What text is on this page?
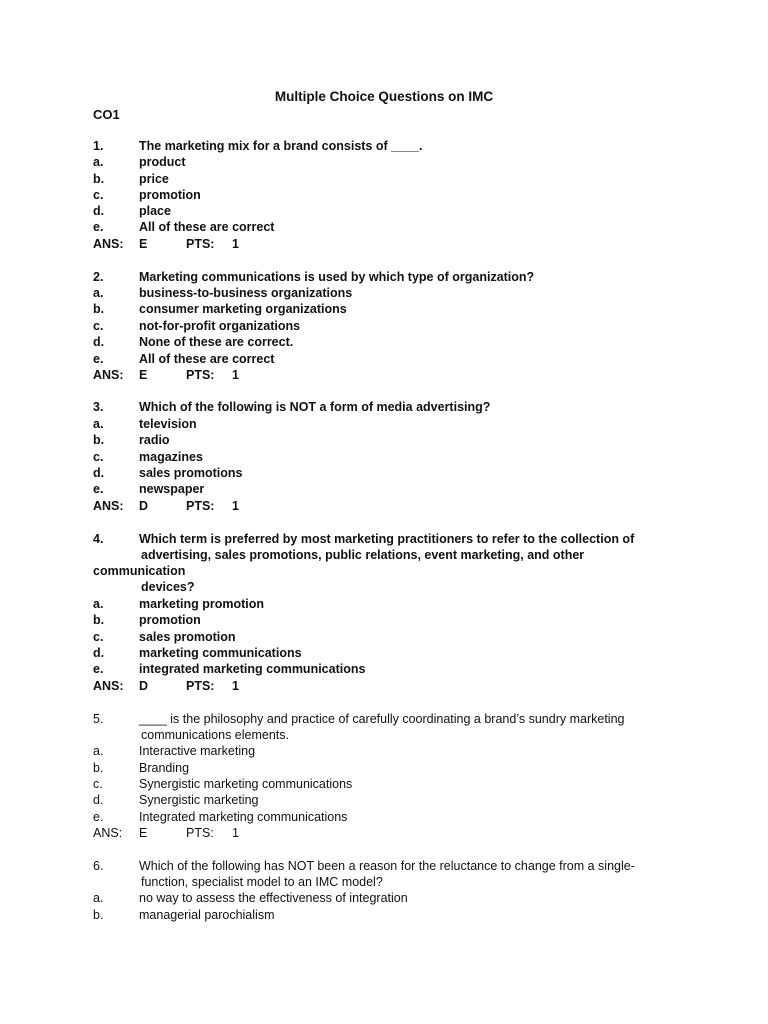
Multiple Choice Questions on IMC
CO1
1.	The marketing mix for a brand consists of ____.
a.	product
b.	price
c.	promotion
d.	place
e.	All of these are correct
ANS: E	PTS: 1
2.	Marketing communications is used by which type of organization?
a.	business-to-business organizations
b.	consumer marketing organizations
c.	not-for-profit organizations
d.	None of these are correct.
e.	All of these are correct
ANS: E	PTS: 1
3.	Which of the following is NOT a form of media advertising?
a.	television
b.	radio
c.	magazines
d.	sales promotions
e.	newspaper
ANS: D	PTS: 1
4.	Which term is preferred by most marketing practitioners to refer to the collection of
advertising, sales promotions, public relations, event marketing, and other
communication
devices?
a.	marketing promotion
b.	promotion
c.	sales promotion
d.	marketing communications
e.	integrated marketing communications
ANS: D	PTS: 1
5.	____ is the philosophy and practice of carefully coordinating a brand’s sundry marketing
communications elements.
a.	Interactive marketing
b.	Branding
c.	Synergistic marketing communications
d.	Synergistic marketing
e.	Integrated marketing communications
ANS: E	PTS: 1
6.	Which of the following has NOT been a reason for the reluctance to change from a single-
function, specialist model to an IMC model?
a.	no way to assess the effectiveness of integration
b.	managerial parochialism
